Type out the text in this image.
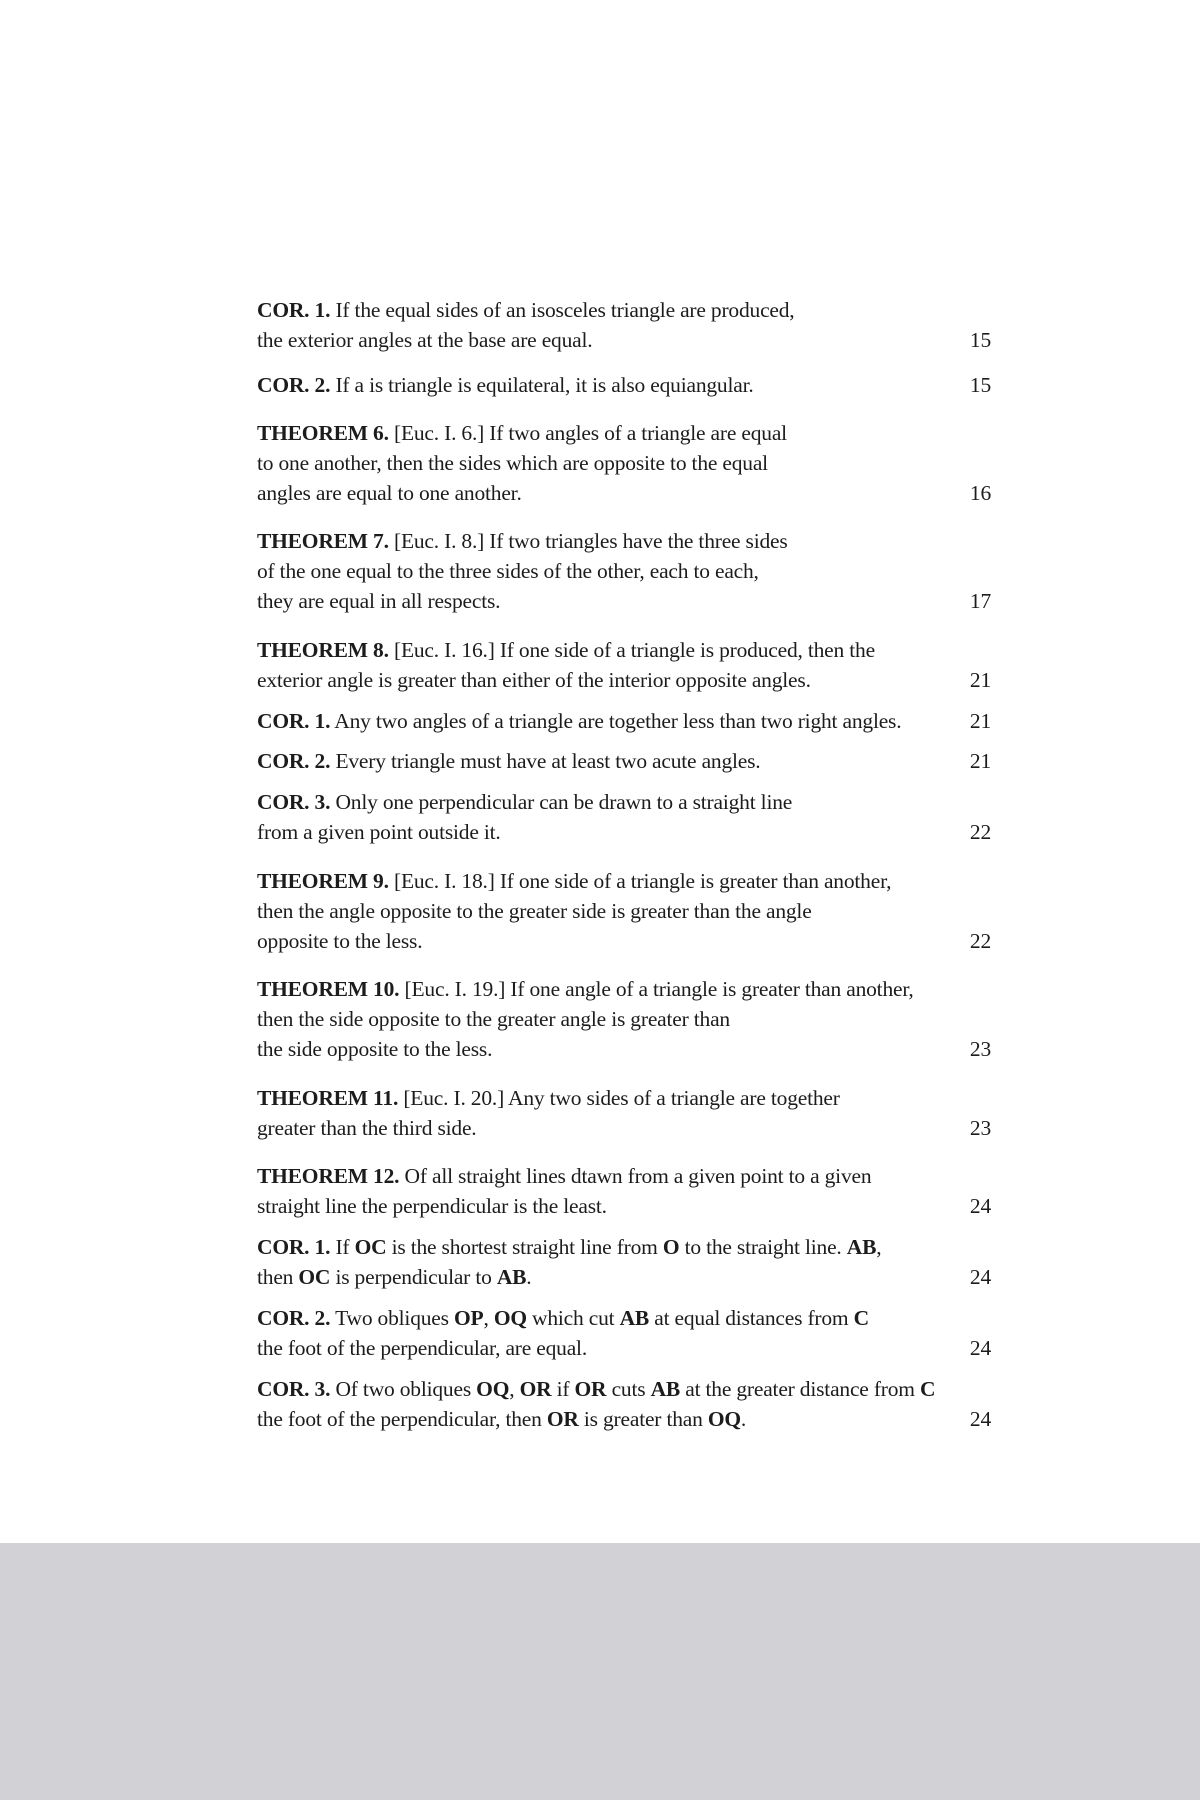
COR. 1. If the equal sides of an isosceles triangle are produced,
the exterior angles at the base are equal.	15
COR. 2. If a is triangle is equilateral, it is also equiangular.	15
THEOREM 6. [Euc. I. 6.] If two angles of a triangle are equal
to one another, then the sides which are opposite to the equal
angles are equal to one another.	16
THEOREM 7. [Euc. I. 8.] If two triangles have the three sides
of the one equal to the three sides of the other, each to each,
they are equal in all respects.	17
THEOREM 8. [Euc. I. 16.] If one side of a triangle is produced, then the
exterior angle is greater than either of the interior opposite angles.	21
COR. 1. Any two angles of a triangle are together less than two right angles.	21
COR. 2. Every triangle must have at least two acute angles.	21
COR. 3. Only one perpendicular can be drawn to a straight line
from a given point outside it.	22
THEOREM 9. [Euc. I. 18.] If one side of a triangle is greater than another,
then the angle opposite to the greater side is greater than the angle
opposite to the less.	22
THEOREM 10. [Euc. I. 19.] If one angle of a triangle is greater than another,
then the side opposite to the greater angle is greater than
the side opposite to the less.	23
THEOREM 11. [Euc. I. 20.] Any two sides of a triangle are together
greater than the third side.	23
THEOREM 12. Of all straight lines dtawn from a given point to a given
straight line the perpendicular is the least.	24
COR. 1. If OC is the shortest straight line from O to the straight line. AB,
then OC is perpendicular to AB.	24
COR. 2. Two obliques OP, OQ which cut AB at equal distances from C
the foot of the perpendicular, are equal.	24
COR. 3. Of two obliques OQ, OR if OR cuts AB at the greater distance from C
the foot of the perpendicular, then OR is greater than OQ.	24
